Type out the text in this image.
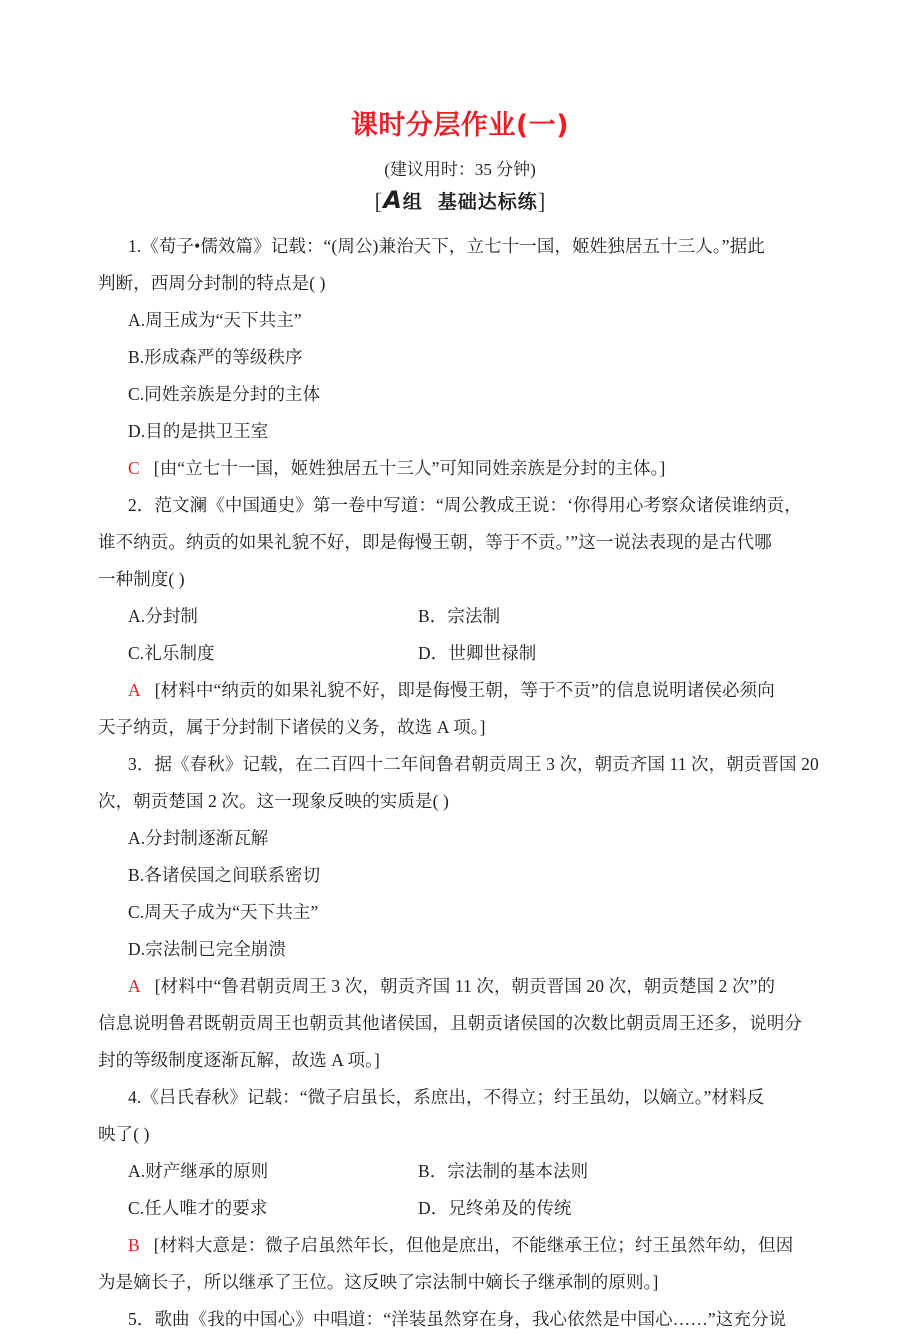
课时分层作业(一)
(建议用时：35 分钟)
[A组 基础达标练]
1.《荀子•儒效篇》记载：“(周公)兼治天下，立七十一国，姬姓独居五十三人。”据此
判断，西周分封制的特点是( )
A.周王成为“天下共主”
B.形成森严的等级秩序
C.同姓亲族是分封的主体
D.目的是拱卫王室
C [由“立七十一国，姬姓独居五十三人”可知同姓亲族是分封的主体。]
2．范文澜《中国通史》第一卷中写道：“周公教成王说：‘你得用心考察众诸侯谁纳贡，
谁不纳贡。纳贡的如果礼貌不好，即是侮慢王朝，等于不贡。’”这一说法表现的是古代哪
一种制度( )
A.分封制	B．宗法制
C.礼乐制度	D．世卿世禄制
A [材料中“纳贡的如果礼貌不好，即是侮慢王朝，等于不贡”的信息说明诸侯必须向
天子纳贡，属于分封制下诸侯的义务，故选 A 项。]
3．据《春秋》记载，在二百四十二年间鲁君朝贡周王 3 次，朝贡齐国 11 次，朝贡晋国 20
次，朝贡楚国 2 次。这一现象反映的实质是( )
A.分封制逐渐瓦解
B.各诸侯国之间联系密切
C.周天子成为“天下共主”
D.宗法制已完全崩溃
A [材料中“鲁君朝贡周王 3 次，朝贡齐国 11 次，朝贡晋国 20 次，朝贡楚国 2 次”的
信息说明鲁君既朝贡周王也朝贡其他诸侯国，且朝贡诸侯国的次数比朝贡周王还多，说明分
封的等级制度逐渐瓦解，故选 A 项。]
4.《吕氏春秋》记载：“微子启虽长，系庶出，不得立；纣王虽幼，以嫡立。”材料反
映了( )
A.财产继承的原则	B．宗法制的基本法则
C.任人唯才的要求	D．兄终弟及的传统
B [材料大意是：微子启虽然年长，但他是庶出，不能继承王位；纣王虽然年幼，但因
为是嫡长子，所以继承了王位。这反映了宗法制中嫡长子继承制的原则。]
5．歌曲《我的中国心》中唱道：“洋装虽然穿在身，我心依然是中国心……”这充分说
